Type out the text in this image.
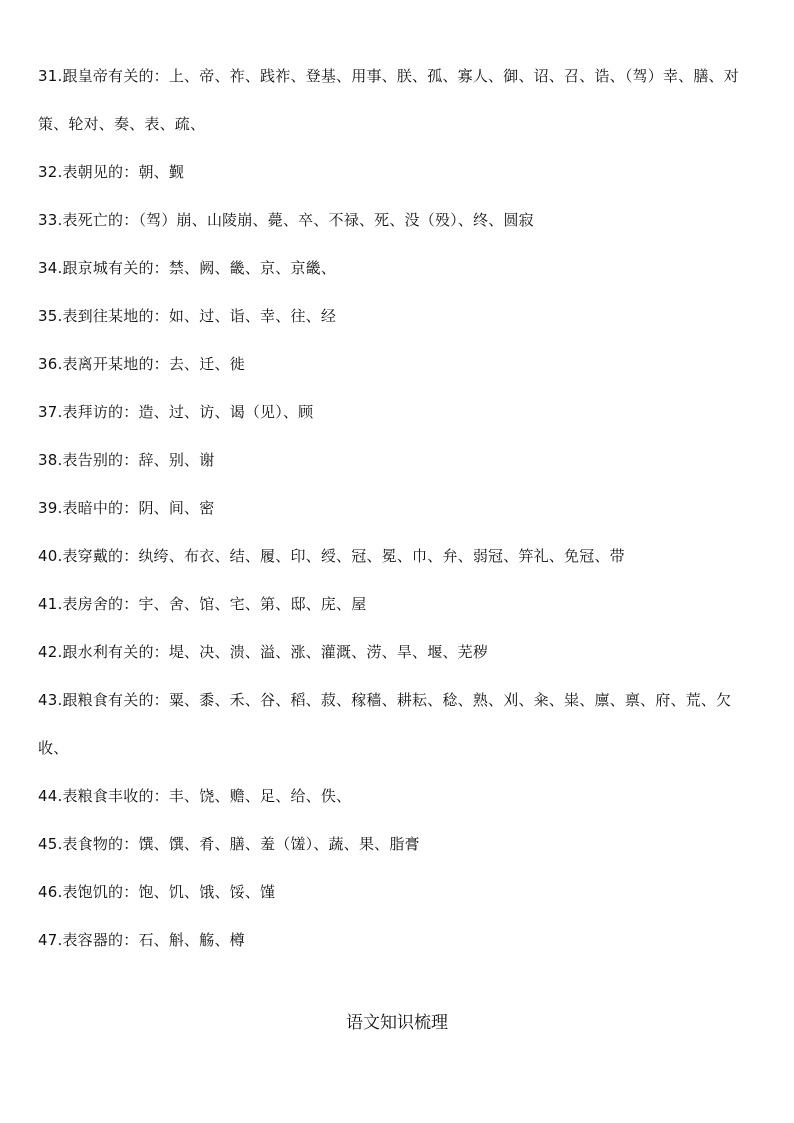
31.跟皇帝有关的：上、帝、祚、践祚、登基、用事、朕、孤、寡人、御、诏、召、诰、（驾）幸、膳、对策、轮对、奏、表、疏、

32.表朝见的：朝、觐

33.表死亡的：（驾）崩、山陵崩、薨、卒、不禄、死、没（殁）、终、圆寂

34.跟京城有关的：禁、阙、畿、京、京畿、

35.表到往某地的：如、过、诣、幸、往、经

36.表离开某地的：去、迁、徙

37.表拜访的：造、过、访、谒（见）、顾

38.表告别的：辞、别、谢

39.表暗中的：阴、间、密

40.表穿戴的：纨绔、布衣、结、履、印、绶、冠、冕、巾、弁、弱冠、笄礼、免冠、带

41.表房舍的：宇、舍、馆、宅、第、邸、庑、屋

42.跟水利有关的：堤、决、溃、溢、涨、灌溉、涝、旱、堰、芜秽

43.跟粮食有关的：粟、黍、禾、谷、稻、菽、稼穑、耕耘、稔、熟、刈、籴、粜、廪、禀、府、荒、欠收、

44.表粮食丰收的：丰、饶、赡、足、给、佚、

45.表食物的：馔、馔、肴、膳、羞（馐）、蔬、果、脂膏

46.表饱饥的：饱、饥、饿、馁、馑

47.表容器的：石、斛、觞、樽

语文知识梳理
